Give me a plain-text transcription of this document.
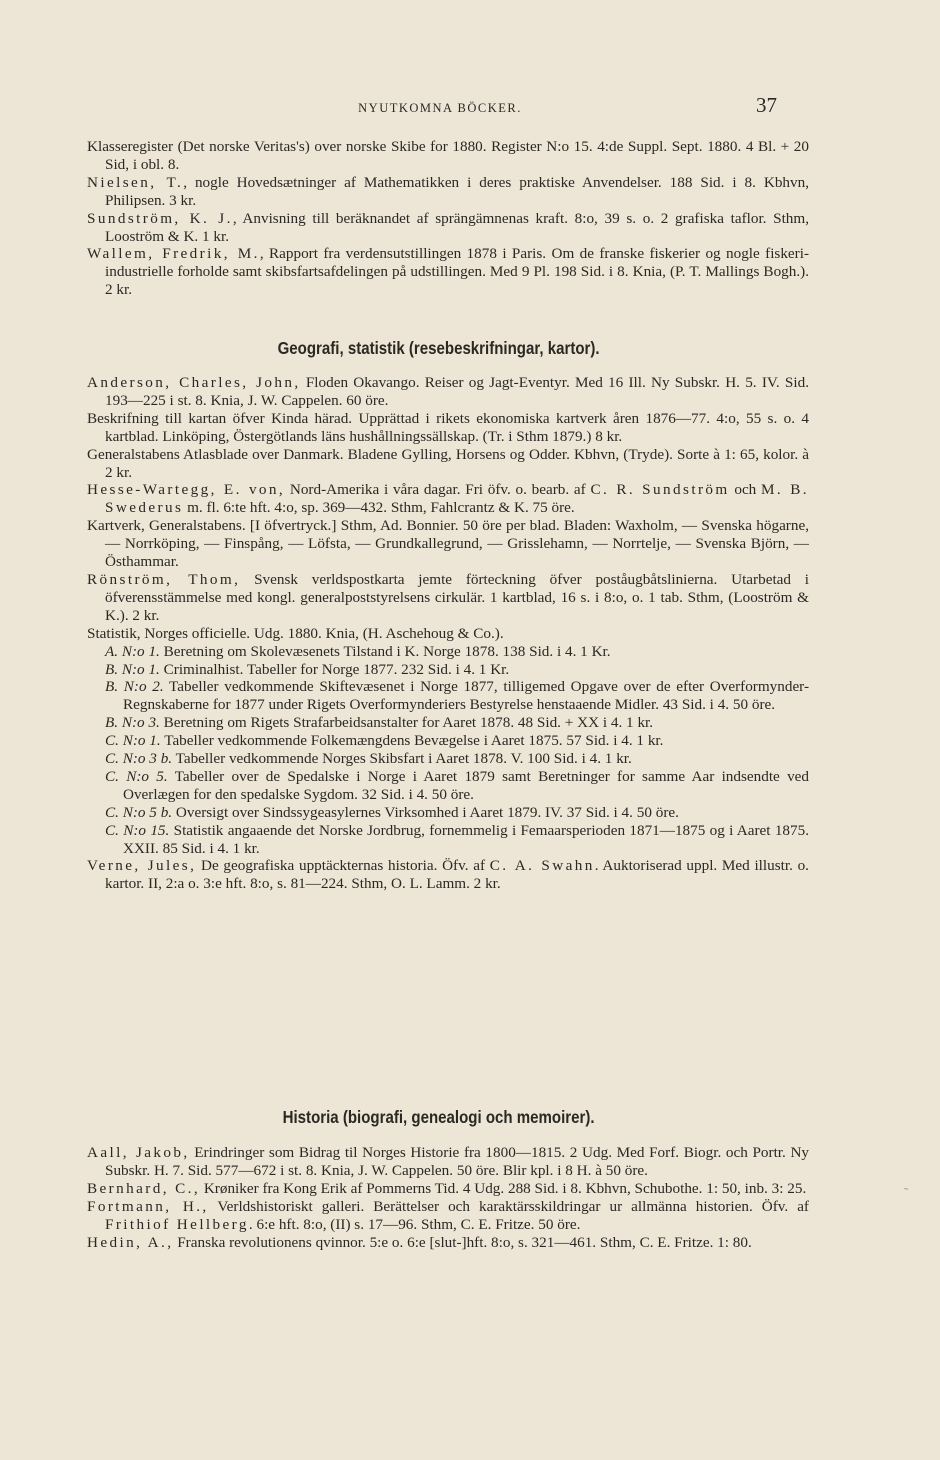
NYUTKOMNA BÖCKER.	37
Klasseregister (Det norske Veritas's) over norske Skibe for 1880. Register N:o 15. 4:de Suppl. Sept. 1880. 4 Bl. + 20 Sid, i obl. 8.
Nielsen, T., nogle Hovedsætninger af Mathematikken i deres praktiske Anvendelser. 188 Sid. i 8. Kbhvn, Philipsen. 3 kr.
Sundström, K. J., Anvisning till beräknandet af sprängämnenas kraft. 8:o, 39 s. o. 2 grafiska taflor. Sthm, Looström & K. 1 kr.
Wallem, Fredrik, M., Rapport fra verdensutstillingen 1878 i Paris. Om de franske fiskerier og nogle fiskeri-industrielle forholde samt skibsfartsafdelingen på udstillingen. Med 9 Pl. 198 Sid. i 8. Knia, (P. T. Mallings Bogh.). 2 kr.
Geografi, statistik (resebeskrifningar, kartor).
Anderson, Charles, John, Floden Okavango. Reiser og Jagt-Eventyr. Med 16 Ill. Ny Subskr. H. 5. IV. Sid. 193—225 i st. 8. Knia, J. W. Cappelen. 60 öre.
Beskrifning till kartan öfver Kinda härad. Upprättad i rikets ekonomiska kartverk åren 1876—77. 4:o, 55 s. o. 4 kartblad. Linköping, Östergötlands läns hushållningssällskap. (Tr. i Sthm 1879.) 8 kr.
Generalstabens Atlasblade over Danmark. Bladene Gylling, Horsens og Odder. Kbhvn, (Tryde). Sorte à 1: 65, kolor. à 2 kr.
Hesse-Wartegg, E. von, Nord-Amerika i våra dagar. Fri öfv. o. bearb. af C. R. Sundström och M. B. Swederus m. fl. 6:te hft. 4:o, sp. 369—432. Sthm, Fahlcrantz & K. 75 öre.
Kartverk, Generalstabens. [I öfvertryck.] Sthm, Ad. Bonnier. 50 öre per blad. Bladen: Waxholm, — Svenska högarne, — Norrköping, — Finspång, — Löfsta, — Grundkallegrund, — Grisslehamn, — Norrtelje, — Svenska Björn, — Östhammar.
Rönström, Thom, Svensk verldspostkarta jemte förteckning öfver poståugbåtslinierna. Utarbetad i öfverensstämmelse med kongl. generalpoststyrelsens cirkulär. 1 kartblad, 16 s. i 8:o, o. 1 tab. Sthm, (Looström & K.). 2 kr.
Statistik, Norges officielle. Udg. 1880. Knia, (H. Aschehoug & Co.).
A. N:o 1. Beretning om Skolevæsenets Tilstand i K. Norge 1878. 138 Sid. i 4. 1 Kr.
B. N:o 1. Criminalhist. Tabeller for Norge 1877. 232 Sid. i 4. 1 Kr.
B. N:o 2. Tabeller vedkommende Skiftevæsenet i Norge 1877, tilligemed Opgave over de efter Overformynder-Regnskaberne for 1877 under Rigets Overformynderiers Bestyrelse henstaaende Midler. 43 Sid. i 4. 50 öre.
B. N:o 3. Beretning om Rigets Strafarbeidsanstalter for Aaret 1878. 48 Sid. + XX i 4. 1 kr.
C. N:o 1. Tabeller vedkommende Folkemængdens Bevægelse i Aaret 1875. 57 Sid. i 4. 1 kr.
C. N:o 3 b. Tabeller vedkommende Norges Skibsfart i Aaret 1878. V. 100 Sid. i 4. 1 kr.
C. N:o 5. Tabeller over de Spedalske i Norge i Aaret 1879 samt Beretninger for samme Aar indsendte ved Overlægen for den spedalske Sygdom. 32 Sid. i 4. 50 öre.
C. N:o 5 b. Oversigt over Sindssygeasylernes Virksomhed i Aaret 1879. IV. 37 Sid. i 4. 50 öre.
C. N:o 15. Statistik angaaende det Norske Jordbrug, fornemmelig i Femaarsperioden 1871—1875 og i Aaret 1875. XXII. 85 Sid. i 4. 1 kr.
Verne, Jules, De geografiska upptäckternas historia. Öfv. af C. A. Swahn. Auktoriserad uppl. Med illustr. o. kartor. II, 2:a o. 3:e hft. 8:o, s. 81—224. Sthm, O. L. Lamm. 2 kr.
Historia (biografi, genealogi och memoirer).
Aall, Jakob, Erindringer som Bidrag til Norges Historie fra 1800—1815. 2 Udg. Med Forf. Biogr. och Portr. Ny Subskr. H. 7. Sid. 577—672 i st. 8. Knia, J. W. Cappelen. 50 öre. Blir kpl. i 8 H. à 50 öre.
Bernhard, C., Krøniker fra Kong Erik af Pommerns Tid. 4 Udg. 288 Sid. i 8. Kbhvn, Schubothe. 1: 50, inb. 3: 25.
Fortmann, H., Verldshistoriskt galleri. Berättelser och karaktärsskildringar ur allmänna historien. Öfv. af Frithiof Hellberg. 6:e hft. 8:o, (II) s. 17—96. Sthm, C. E. Fritze. 50 öre.
Hedin, A., Franska revolutionens qvinnor. 5:e o. 6:e [slut-]hft. 8:o, s. 321—461. Sthm, C. E. Fritze. 1: 80.
˜
